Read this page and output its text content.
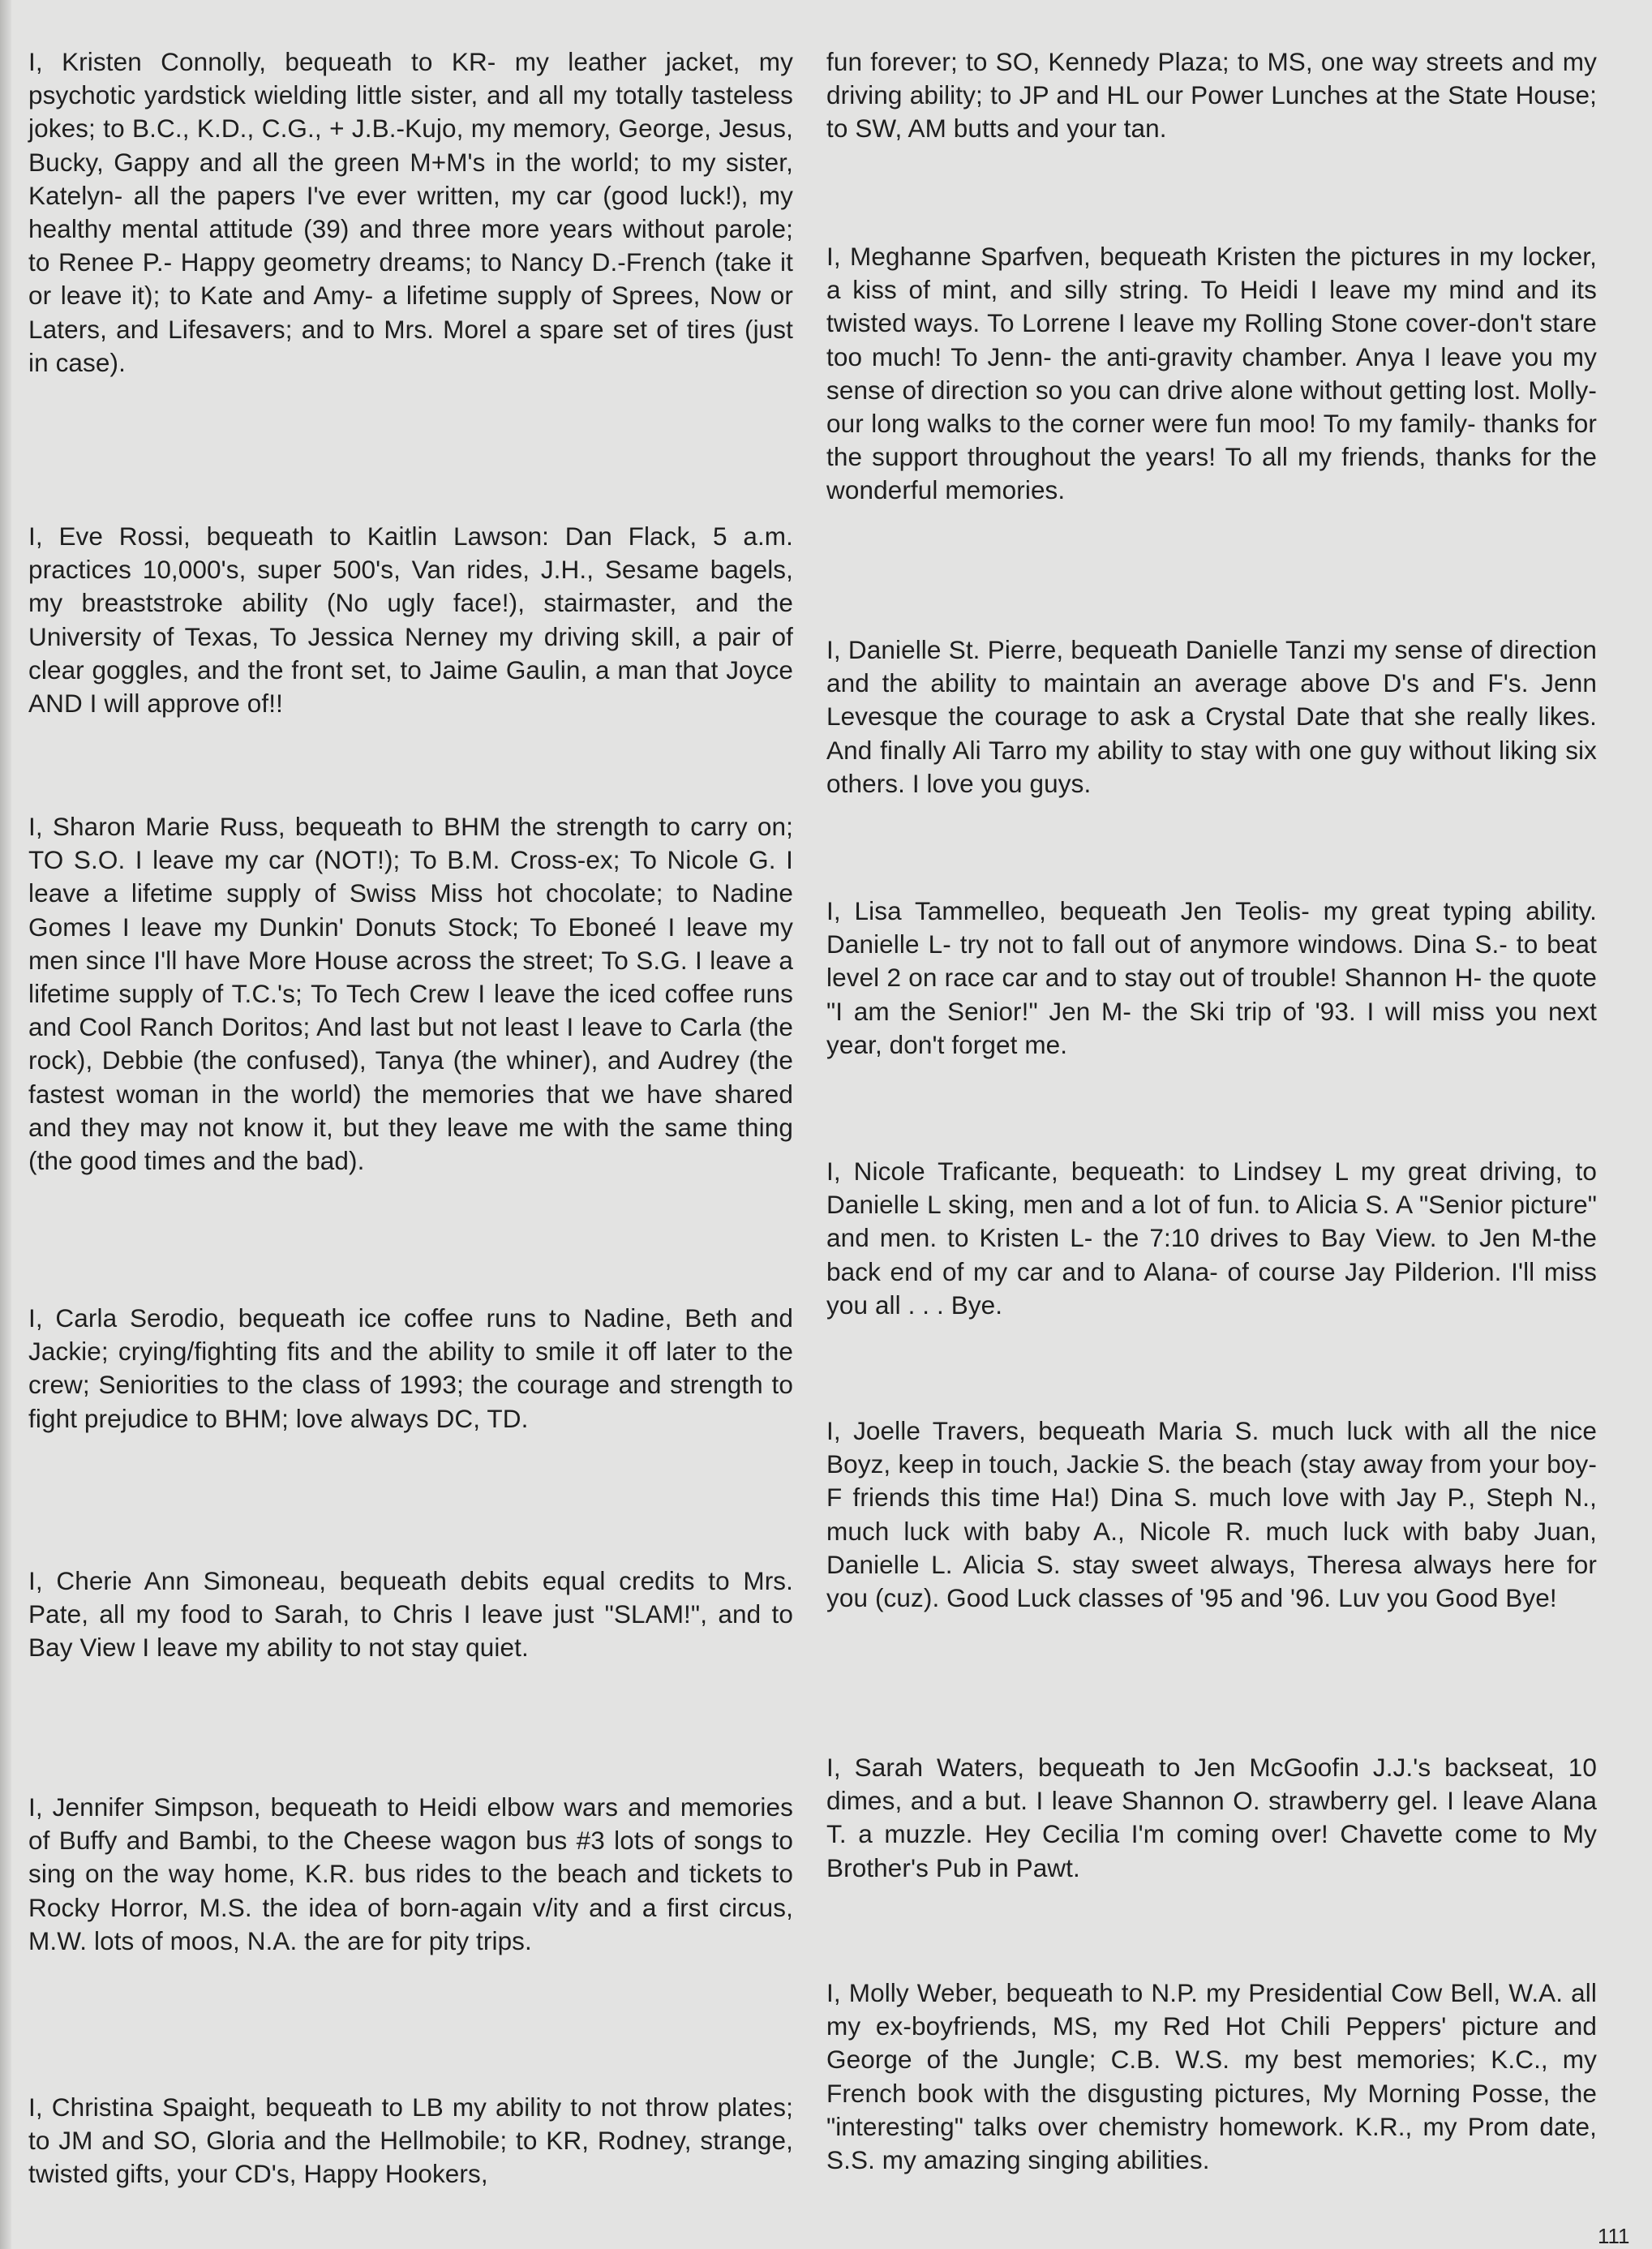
I, Kristen Connolly, bequeath to KR- my leather jacket, my psychotic yardstick wielding little sister, and all my totally tasteless jokes; to B.C., K.D., C.G., + J.B.-Kujo, my memory, George, Jesus, Bucky, Gappy and all the green M+M's in the world; to my sister, Katelyn- all the papers I've ever written, my car (good luck!), my healthy mental attitude (39) and three more years without parole; to Renee P.- Happy geometry dreams; to Nancy D.-French (take it or leave it); to Kate and Amy- a lifetime supply of Sprees, Now or Laters, and Lifesavers; and to Mrs. Morel a spare set of tires (just in case).

I, Eve Rossi, bequeath to Kaitlin Lawson: Dan Flack, 5 a.m. practices 10,000's, super 500's, Van rides, J.H., Sesame bagels, my breaststroke ability (No ugly face!), stairmaster, and the University of Texas, To Jessica Nerney my driving skill, a pair of clear goggles, and the front set, to Jaime Gaulin, a man that Joyce AND I will approve of!!

I, Sharon Marie Russ, bequeath to BHM the strength to carry on; TO S.O. I leave my car (NOT!); To B.M. Cross-ex; To Nicole G. I leave a lifetime supply of Swiss Miss hot chocolate; to Nadine Gomes I leave my Dunkin' Donuts Stock; To Eboneé I leave my men since I'll have More House across the street; To S.G. I leave a lifetime supply of T.C.'s; To Tech Crew I leave the iced coffee runs and Cool Ranch Doritos; And last but not least I leave to Carla (the rock), Debbie (the confused), Tanya (the whiner), and Audrey (the fastest woman in the world) the memories that we have shared and they may not know it, but they leave me with the same thing (the good times and the bad).

I, Carla Serodio, bequeath ice coffee runs to Nadine, Beth and Jackie; crying/fighting fits and the ability to smile it off later to the crew; Seniorities to the class of 1993; the courage and strength to fight prejudice to BHM; love always DC, TD.

I, Cherie Ann Simoneau, bequeath debits equal credits to Mrs. Pate, all my food to Sarah, to Chris I leave just "SLAM!", and to Bay View I leave my ability to not stay quiet.

I, Jennifer Simpson, bequeath to Heidi elbow wars and memories of Buffy and Bambi, to the Cheese wagon bus #3 lots of songs to sing on the way home, K.R. bus rides to the beach and tickets to Rocky Horror, M.S. the idea of born-again v/ity and a first circus, M.W. lots of moos, N.A. the are for pity trips.

I, Christina Spaight, bequeath to LB my ability to not throw plates; to JM and SO, Gloria and the Hellmobile; to KR, Rodney, strange, twisted gifts, your CD's, Happy Hookers,

fun forever; to SO, Kennedy Plaza; to MS, one way streets and my driving ability; to JP and HL our Power Lunches at the State House; to SW, AM butts and your tan.

I, Meghanne Sparfven, bequeath Kristen the pictures in my locker, a kiss of mint, and silly string. To Heidi I leave my mind and its twisted ways. To Lorrene I leave my Rolling Stone cover-don't stare too much! To Jenn- the anti-gravity chamber. Anya I leave you my sense of direction so you can drive alone without getting lost. Molly- our long walks to the corner were fun moo! To my family- thanks for the support throughout the years! To all my friends, thanks for the wonderful memories.

I, Danielle St. Pierre, bequeath Danielle Tanzi my sense of direction and the ability to maintain an average above D's and F's. Jenn Levesque the courage to ask a Crystal Date that she really likes. And finally Ali Tarro my ability to stay with one guy without liking six others. I love you guys.

I, Lisa Tammelleo, bequeath Jen Teolis- my great typing ability. Danielle L- try not to fall out of anymore windows. Dina S.- to beat level 2 on race car and to stay out of trouble! Shannon H- the quote "I am the Senior!" Jen M- the Ski trip of '93. I will miss you next year, don't forget me.

I, Nicole Traficante, bequeath: to Lindsey L my great driving, to Danielle L sking, men and a lot of fun. to Alicia S. A "Senior picture" and men. to Kristen L- the 7:10 drives to Bay View. to Jen M-the back end of my car and to Alana- of course Jay Pilderion. I'll miss you all . . . Bye.

I, Joelle Travers, bequeath Maria S. much luck with all the nice Boyz, keep in touch, Jackie S. the beach (stay away from your boy-F friends this time Ha!) Dina S. much love with Jay P., Steph N., much luck with baby A., Nicole R. much luck with baby Juan, Danielle L. Alicia S. stay sweet always, Theresa always here for you (cuz). Good Luck classes of '95 and '96. Luv you Good Bye!

I, Sarah Waters, bequeath to Jen McGoofin J.J.'s backseat, 10 dimes, and a but. I leave Shannon O. strawberry gel. I leave Alana T. a muzzle. Hey Cecilia I'm coming over! Chavette come to My Brother's Pub in Pawt.

I, Molly Weber, bequeath to N.P. my Presidential Cow Bell, W.A. all my ex-boyfriends, MS, my Red Hot Chili Peppers' picture and George of the Jungle; C.B. W.S. my best memories; K.C., my French book with the disgusting pictures, My Morning Posse, the "interesting" talks over chemistry homework. K.R., my Prom date, S.S. my amazing singing abilities.

111
